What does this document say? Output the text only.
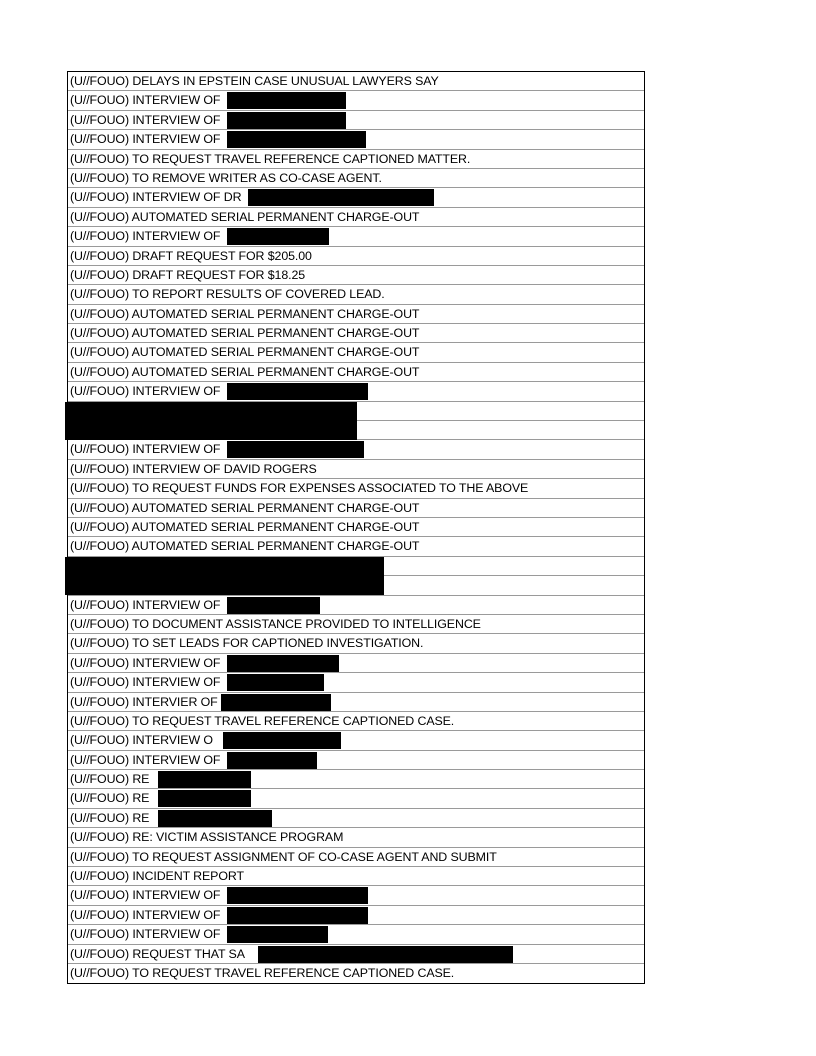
(U//FOUO) DELAYS IN EPSTEIN CASE UNUSUAL LAWYERS SAY
(U//FOUO) INTERVIEW OF
(U//FOUO) INTERVIEW OF
(U//FOUO) INTERVIEW OF
(U//FOUO) TO REQUEST TRAVEL REFERENCE CAPTIONED MATTER.
(U//FOUO) TO REMOVE WRITER AS CO-CASE AGENT.
(U//FOUO) INTERVIEW OF DR
(U//FOUO) AUTOMATED SERIAL PERMANENT CHARGE-OUT
(U//FOUO) INTERVIEW OF
(U//FOUO) DRAFT REQUEST FOR $205.00
(U//FOUO) DRAFT REQUEST FOR $18.25
(U//FOUO) TO REPORT RESULTS OF COVERED LEAD.
(U//FOUO) AUTOMATED SERIAL PERMANENT CHARGE-OUT
(U//FOUO) AUTOMATED SERIAL PERMANENT CHARGE-OUT
(U//FOUO) AUTOMATED SERIAL PERMANENT CHARGE-OUT
(U//FOUO) AUTOMATED SERIAL PERMANENT CHARGE-OUT
(U//FOUO) INTERVIEW OF
(U//FOUO) INTERVIEW OF
(U//FOUO) INTERVIEW OF DAVID ROGERS
(U//FOUO) TO REQUEST FUNDS FOR EXPENSES ASSOCIATED TO THE ABOVE
(U//FOUO) AUTOMATED SERIAL PERMANENT CHARGE-OUT
(U//FOUO) AUTOMATED SERIAL PERMANENT CHARGE-OUT
(U//FOUO) AUTOMATED SERIAL PERMANENT CHARGE-OUT
(U//FOUO) INTERVIEW OF
(U//FOUO) TO DOCUMENT ASSISTANCE PROVIDED TO INTELLIGENCE
(U//FOUO) TO SET LEADS FOR CAPTIONED INVESTIGATION.
(U//FOUO) INTERVIEW OF
(U//FOUO) INTERVIEW OF
(U//FOUO) INTERVIER OF
(U//FOUO) TO REQUEST TRAVEL REFERENCE CAPTIONED CASE.
(U//FOUO) INTERVIEW O
(U//FOUO) INTERVIEW OF
(U//FOUO) RE
(U//FOUO) RE
(U//FOUO) RE
(U//FOUO) RE: VICTIM ASSISTANCE PROGRAM
(U//FOUO) TO REQUEST ASSIGNMENT OF CO-CASE AGENT AND SUBMIT
(U//FOUO) INCIDENT REPORT
(U//FOUO) INTERVIEW OF
(U//FOUO) INTERVIEW OF
(U//FOUO) INTERVIEW OF
(U//FOUO) REQUEST THAT SA
(U//FOUO) TO REQUEST TRAVEL REFERENCE CAPTIONED CASE.
